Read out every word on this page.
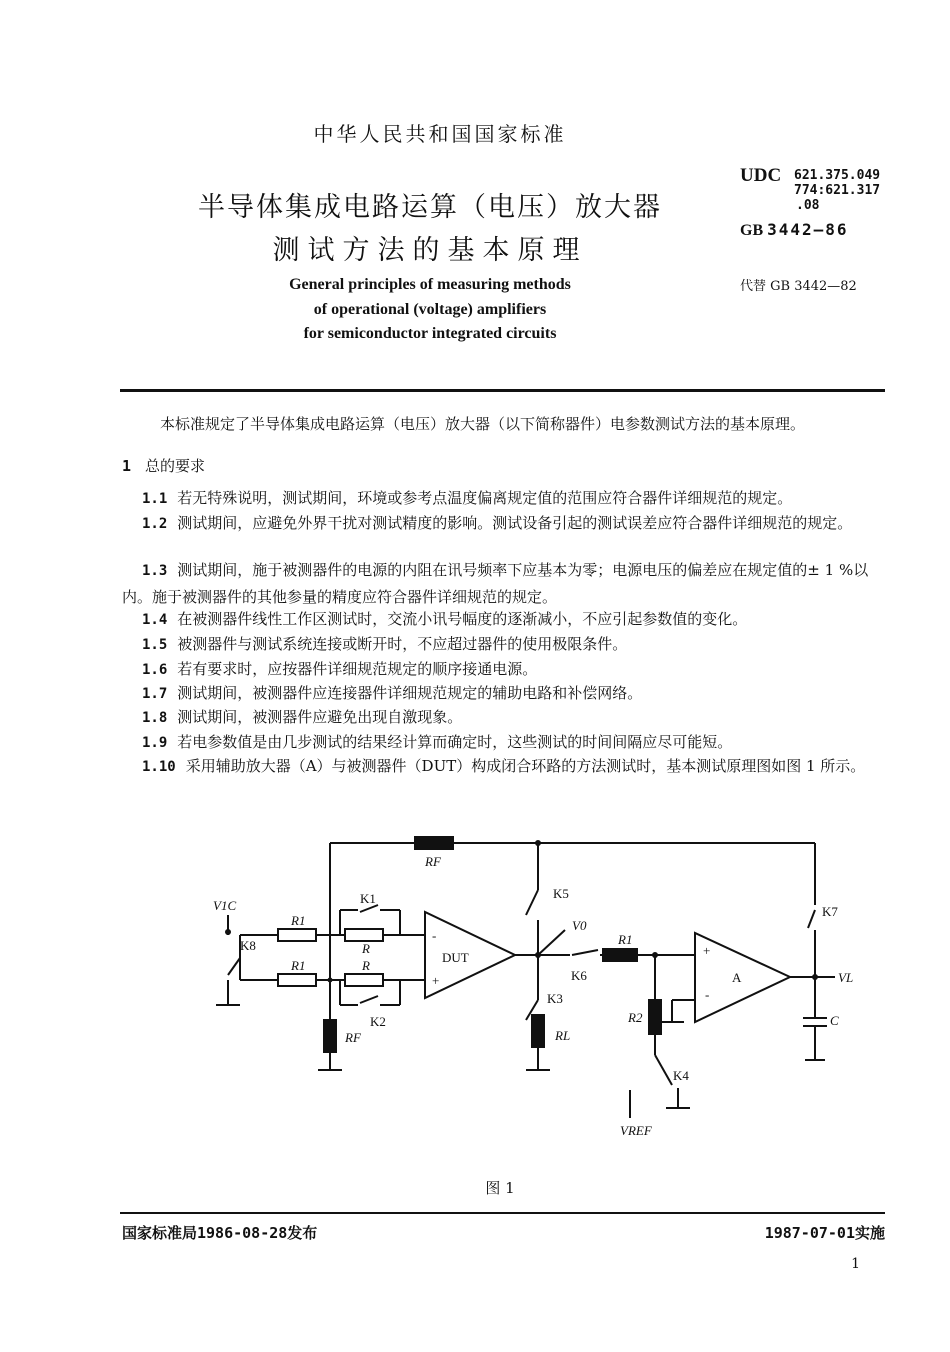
中华人民共和国国家标准
半导体集成电路运算（电压）放大器
测试方法的基本原理
General principles of measuring methods
of operational (voltage) amplifiers
for semiconductor integrated circuits
UDC 621.375.049
774:621.317
.08
GB 3442—86
代替 GB 3442—82
本标准规定了半导体集成电路运算（电压）放大器（以下简称器件）电参数测试方法的基本原理。
1 总的要求
1.1 若无特殊说明，测试期间，环境或参考点温度偏离规定值的范围应符合器件详细规范的规定。
1.2 测试期间，应避免外界干扰对测试精度的影响。测试设备引起的测试误差应符合器件详细规范的规定。
1.3 测试期间，施于被测器件的电源的内阻在讯号频率下应基本为零；电源电压的偏差应在规定值的± 1 %以内。施于被测器件的其他参量的精度应符合器件详细规范的规定。
1.4 在被测器件线性工作区测试时，交流小讯号幅度的逐渐减小，不应引起参数值的变化。
1.5 被测器件与测试系统连接或断开时，不应超过器件的使用极限条件。
1.6 若有要求时，应按器件详细规范规定的顺序接通电源。
1.7 测试期间，被测器件应连接器件详细规范规定的辅助电路和补偿网络。
1.8 测试期间，被测器件应避免出现自激现象。
1.9 若电参数值是由几步测试的结果经计算而确定时，这些测试的时间间隔应尽可能短。
1.10 采用辅助放大器（A）与被测器件（DUT）构成闭合环路的方法测试时，基本测试原理图如图 1 所示。
RF
V1C
K8
R1
R1
R
R
K1
K2
RF
DUT
-
+
K5
V0
K6
K3
RL
R1
R2
K4
VREF
A
-
+
K7
VL
C
图 1
国家标准局1986-08-28发布	1987-07-01实施
1
